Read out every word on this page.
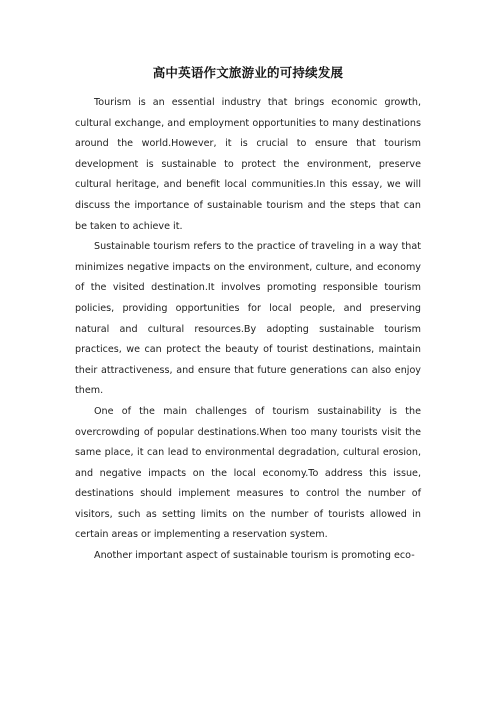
高中英语作文旅游业的可持续发展

Tourism is an essential industry that brings economic growth, cultural exchange, and employment opportunities to many destinations around the world.However, it is crucial to ensure that tourism development is sustainable to protect the environment, preserve cultural heritage, and benefit local communities.In this essay, we will discuss the importance of sustainable tourism and the steps that can be taken to achieve it.

Sustainable tourism refers to the practice of traveling in a way that minimizes negative impacts on the environment, culture, and economy of the visited destination.It involves promoting responsible tourism policies, providing opportunities for local people, and preserving natural and cultural resources.By adopting sustainable tourism practices, we can protect the beauty of tourist destinations, maintain their attractiveness, and ensure that future generations can also enjoy them.

One of the main challenges of tourism sustainability is the overcrowding of popular destinations.When too many tourists visit the same place, it can lead to environmental degradation, cultural erosion, and negative impacts on the local economy.To address this issue, destinations should implement measures to control the number of visitors, such as setting limits on the number of tourists allowed in certain areas or implementing a reservation system.

Another important aspect of sustainable tourism is promoting eco-
